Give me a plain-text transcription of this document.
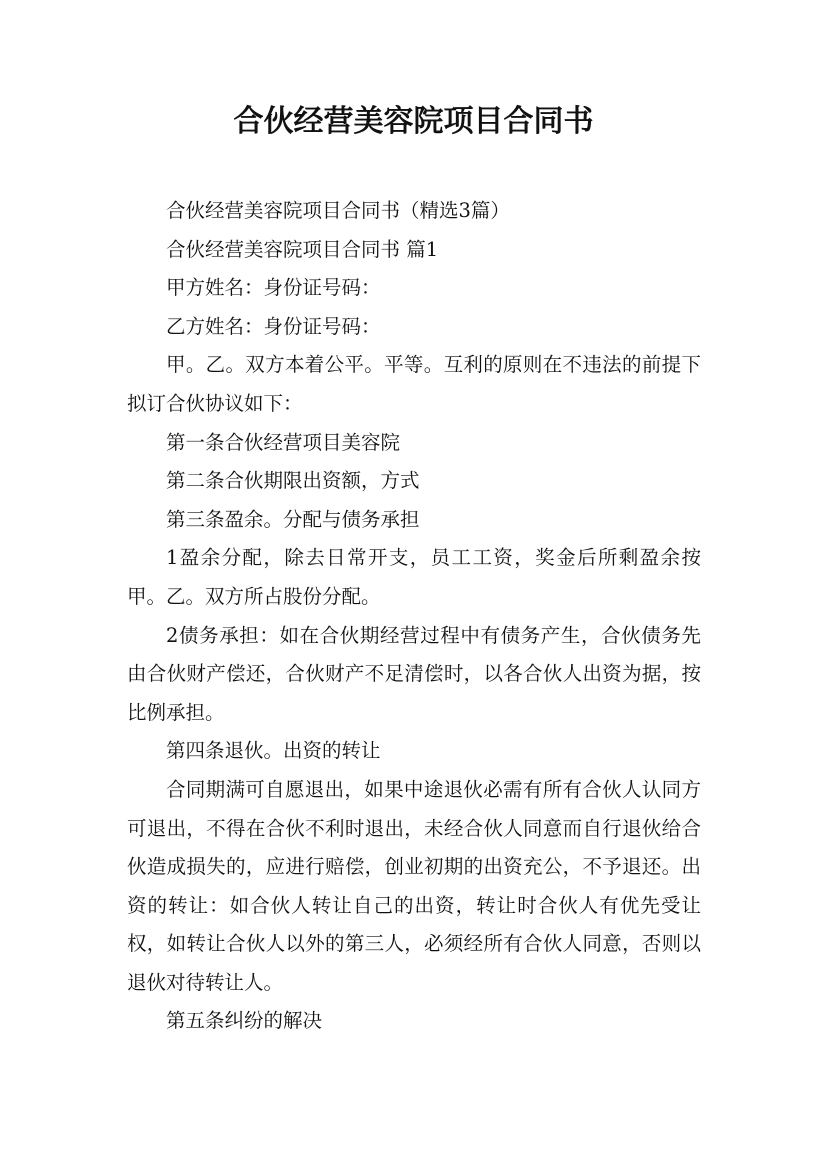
合伙经营美容院项目合同书

合伙经营美容院项目合同书（精选3篇）

合伙经营美容院项目合同书 篇1

甲方姓名：身份证号码：

乙方姓名：身份证号码：

甲。乙。双方本着公平。平等。互利的原则在不违法的前提下拟订合伙协议如下：

第一条合伙经营项目美容院

第二条合伙期限出资额，方式

第三条盈余。分配与债务承担

1盈余分配，除去日常开支，员工工资，奖金后所剩盈余按甲。乙。双方所占股份分配。

2债务承担：如在合伙期经营过程中有债务产生，合伙债务先由合伙财产偿还，合伙财产不足清偿时，以各合伙人出资为据，按比例承担。

第四条退伙。出资的转让

合同期满可自愿退出，如果中途退伙必需有所有合伙人认同方可退出，不得在合伙不利时退出，未经合伙人同意而自行退伙给合伙造成损失的，应进行赔偿，创业初期的出资充公，不予退还。出资的转让：如合伙人转让自己的出资，转让时合伙人有优先受让权，如转让合伙人以外的第三人，必须经所有合伙人同意，否则以退伙对待转让人。

第五条纠纷的解决
